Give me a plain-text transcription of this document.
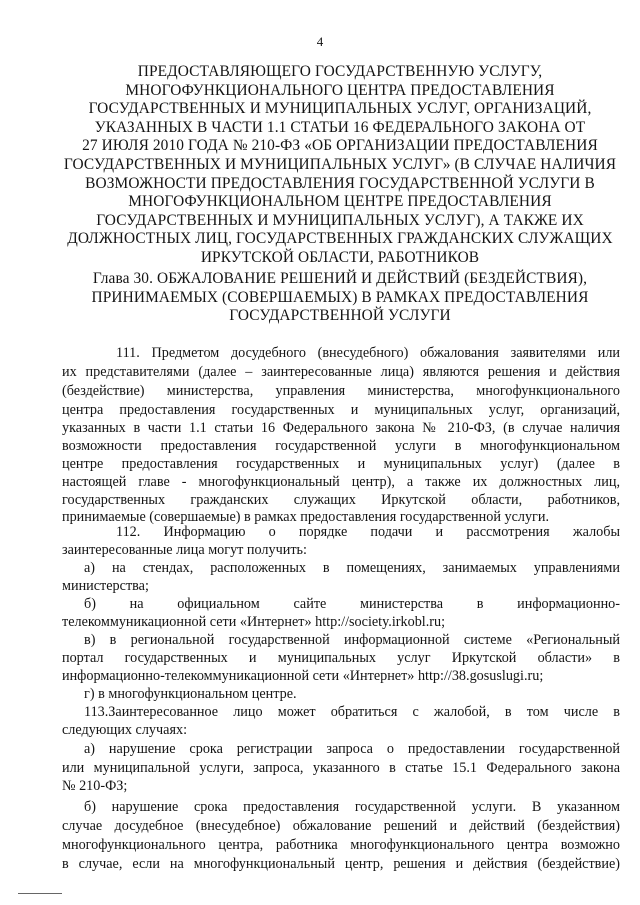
4
ПРЕДОСТАВЛЯЮЩЕГО ГОСУДАРСТВЕННУЮ УСЛУГУ,
МНОГОФУНКЦИОНАЛЬНОГО ЦЕНТРА ПРЕДОСТАВЛЕНИЯ
ГОСУДАРСТВЕННЫХ И МУНИЦИПАЛЬНЫХ УСЛУГ, ОРГАНИЗАЦИЙ,
УКАЗАННЫХ В ЧАСТИ 1.1 СТАТЬИ 16 ФЕДЕРАЛЬНОГО ЗАКОНА ОТ
27 ИЮЛЯ 2010 ГОДА № 210-ФЗ «ОБ ОРГАНИЗАЦИИ ПРЕДОСТАВЛЕНИЯ
ГОСУДАРСТВЕННЫХ И МУНИЦИПАЛЬНЫХ УСЛУГ» (В СЛУЧАЕ НАЛИЧИЯ
ВОЗМОЖНОСТИ ПРЕДОСТАВЛЕНИЯ ГОСУДАРСТВЕННОЙ УСЛУГИ В
МНОГОФУНКЦИОНАЛЬНОМ ЦЕНТРЕ ПРЕДОСТАВЛЕНИЯ
ГОСУДАРСТВЕННЫХ И МУНИЦИПАЛЬНЫХ УСЛУГ), А ТАКЖЕ ИХ
ДОЛЖНОСТНЫХ ЛИЦ, ГОСУДАРСТВЕННЫХ ГРАЖДАНСКИХ СЛУЖАЩИХ
ИРКУТСКОЙ ОБЛАСТИ, РАБОТНИКОВ
Глава 30. ОБЖАЛОВАНИЕ РЕШЕНИЙ И ДЕЙСТВИЙ (БЕЗДЕЙСТВИЯ),
ПРИНИМАЕМЫХ (СОВЕРШАЕМЫХ) В РАМКАХ ПРЕДОСТАВЛЕНИЯ
ГОСУДАРСТВЕННОЙ УСЛУГИ
111. Предметом досудебного (внесудебного) обжалования заявителями или
их представителями (далее – заинтересованные лица) являются решения и действия
(бездействие) министерства, управления министерства, многофункционального
центра предоставления государственных и муниципальных услуг, организаций,
указанных в части 1.1 статьи 16 Федерального закона № 210-ФЗ, (в случае наличия
возможности предоставления государственной услуги в многофункциональном
центре предоставления государственных и муниципальных услуг) (далее в
настоящей главе - многофункциональный центр), а также их должностных лиц,
государственных гражданских служащих Иркутской области, работников,
принимаемые (совершаемые) в рамках предоставления государственной услуги.
112. Информацию о порядке подачи и рассмотрения жалобы
заинтересованные лица могут получить:
а) на стендах, расположенных в помещениях, занимаемых управлениями
министерства;
б) на официальном сайте министерства в информационно-
телекоммуникационной сети «Интернет» http://society.irkobl.ru;
в) в региональной государственной информационной системе «Региональный
портал государственных и муниципальных услуг Иркутской области» в
информационно-телекоммуникационной сети «Интернет» http://38.gosuslugi.ru;
г) в многофункциональном центре.
113.Заинтересованное лицо может обратиться с жалобой, в том числе в
следующих случаях:
а) нарушение срока регистрации запроса о предоставлении государственной
или муниципальной услуги, запроса, указанного в статье 15.1 Федерального закона
№ 210-ФЗ;
б) нарушение срока предоставления государственной услуги. В указанном
случае досудебное (внесудебное) обжалование решений и действий (бездействия)
многофункционального центра, работника многофункционального центра возможно
в случае, если на многофункциональный центр, решения и действия (бездействие)
